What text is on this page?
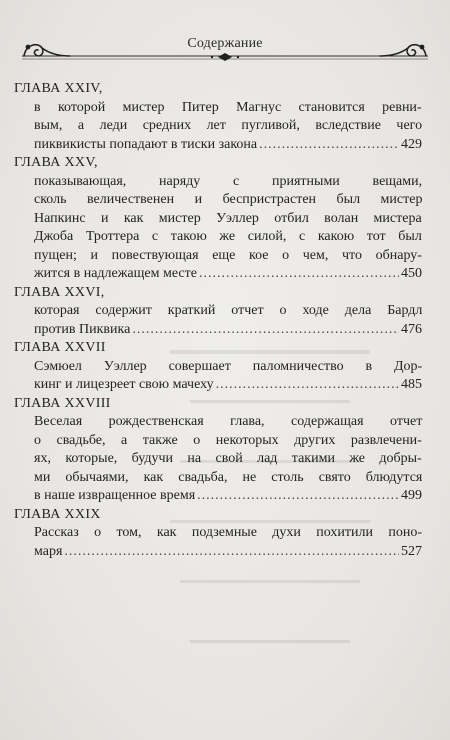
Содержание
ГЛАВА XXIV,
в которой мистер Питер Магнус становится ревни-
вым, а леди средних лет пугливой, вследствие чего
пиквикисты попадают в тиски закона .....	429
ГЛАВА XXV,
показывающая, наряду с приятными вещами,
сколь величественен и беспристрастен был мистер
Напкинс и как мистер Уэллер отбил волан мистера
Джоба Троттера с такою же силой, с какою тот был
пущен; и повествующая еще кое о чем, что обнару-
жится в надлежащем месте .....	450
ГЛАВА XXVI,
которая содержит краткий отчет о ходе дела Бардл
против Пиквика .....	476
ГЛАВА XXVII
Сэмюел Уэллер совершает паломничество в Дор-
кинг и лицезреет свою мачеху .....	485
ГЛАВА XXVIII
Веселая рождественская глава, содержащая отчет
о свадьбе, а также о некоторых других развлечени-
ях, которые, будучи на свой лад такими же добры-
ми обычаями, как свадьба, не столь свято блюдутся
в наше извращенное время .....	499
ГЛАВА XXIX
Рассказ о том, как подземные духи похитили поно-
маря .....	527
